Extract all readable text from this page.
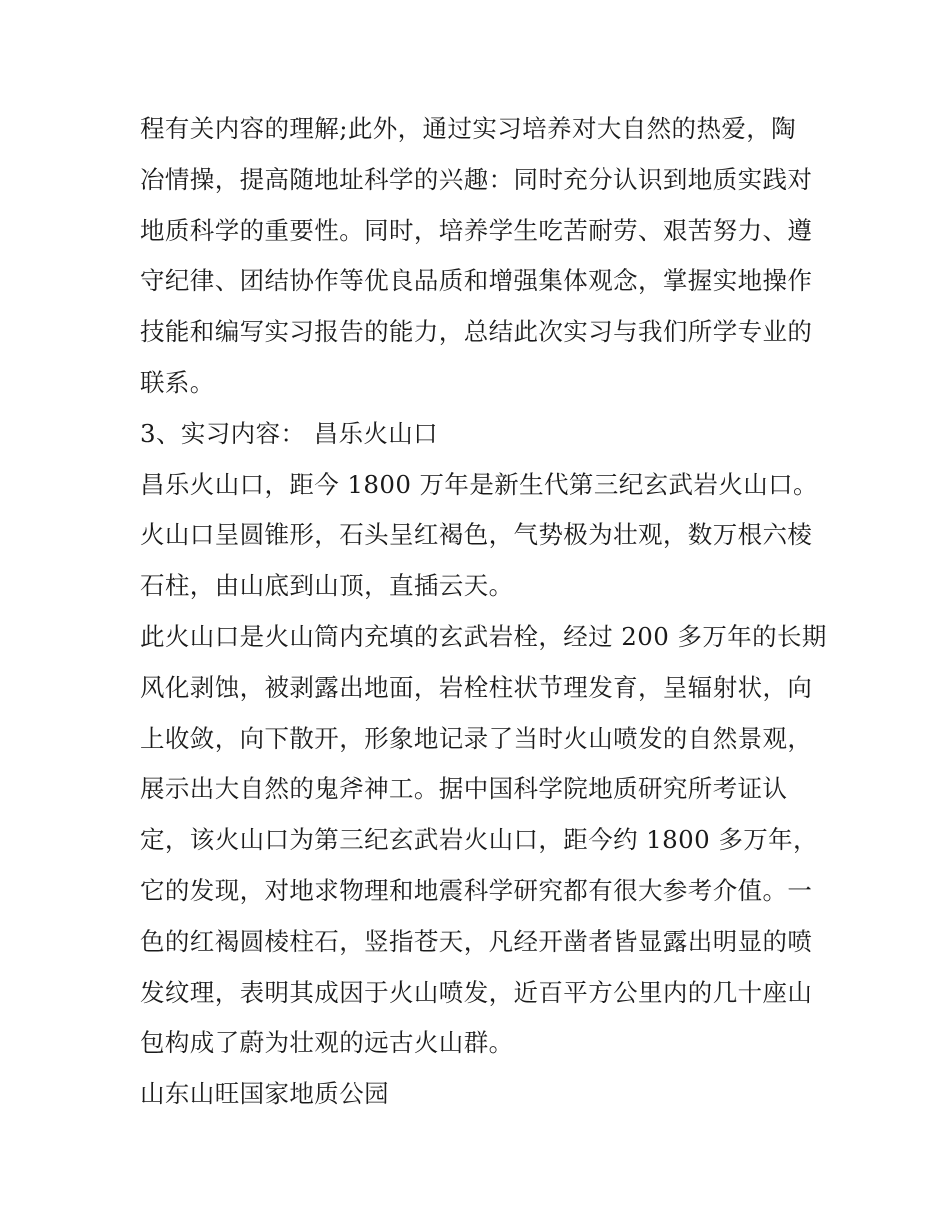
程有关内容的理解;此外，通过实习培养对大自然的热爱，陶
冶情操，提高随地址科学的兴趣：同时充分认识到地质实践对
地质科学的重要性。同时，培养学生吃苦耐劳、艰苦努力、遵
守纪律、团结协作等优良品质和增强集体观念，掌握实地操作
技能和编写实习报告的能力，总结此次实习与我们所学专业的
联系。
3、实习内容： 昌乐火山口
昌乐火山口，距今 1800 万年是新生代第三纪玄武岩火山口。
火山口呈圆锥形，石头呈红褐色，气势极为壮观，数万根六棱
石柱，由山底到山顶，直插云天。
此火山口是火山筒内充填的玄武岩栓，经过 200 多万年的长期
风化剥蚀，被剥露出地面，岩栓柱状节理发育，呈辐射状，向
上收敛，向下散开，形象地记录了当时火山喷发的自然景观，
展示出大自然的鬼斧神工。据中国科学院地质研究所考证认
定，该火山口为第三纪玄武岩火山口，距今约 1800 多万年，
它的发现，对地求物理和地震科学研究都有很大参考介值。一
色的红褐圆棱柱石，竖指苍天，凡经开凿者皆显露出明显的喷
发纹理，表明其成因于火山喷发，近百平方公里内的几十座山
包构成了蔚为壮观的远古火山群。
山东山旺国家地质公园
